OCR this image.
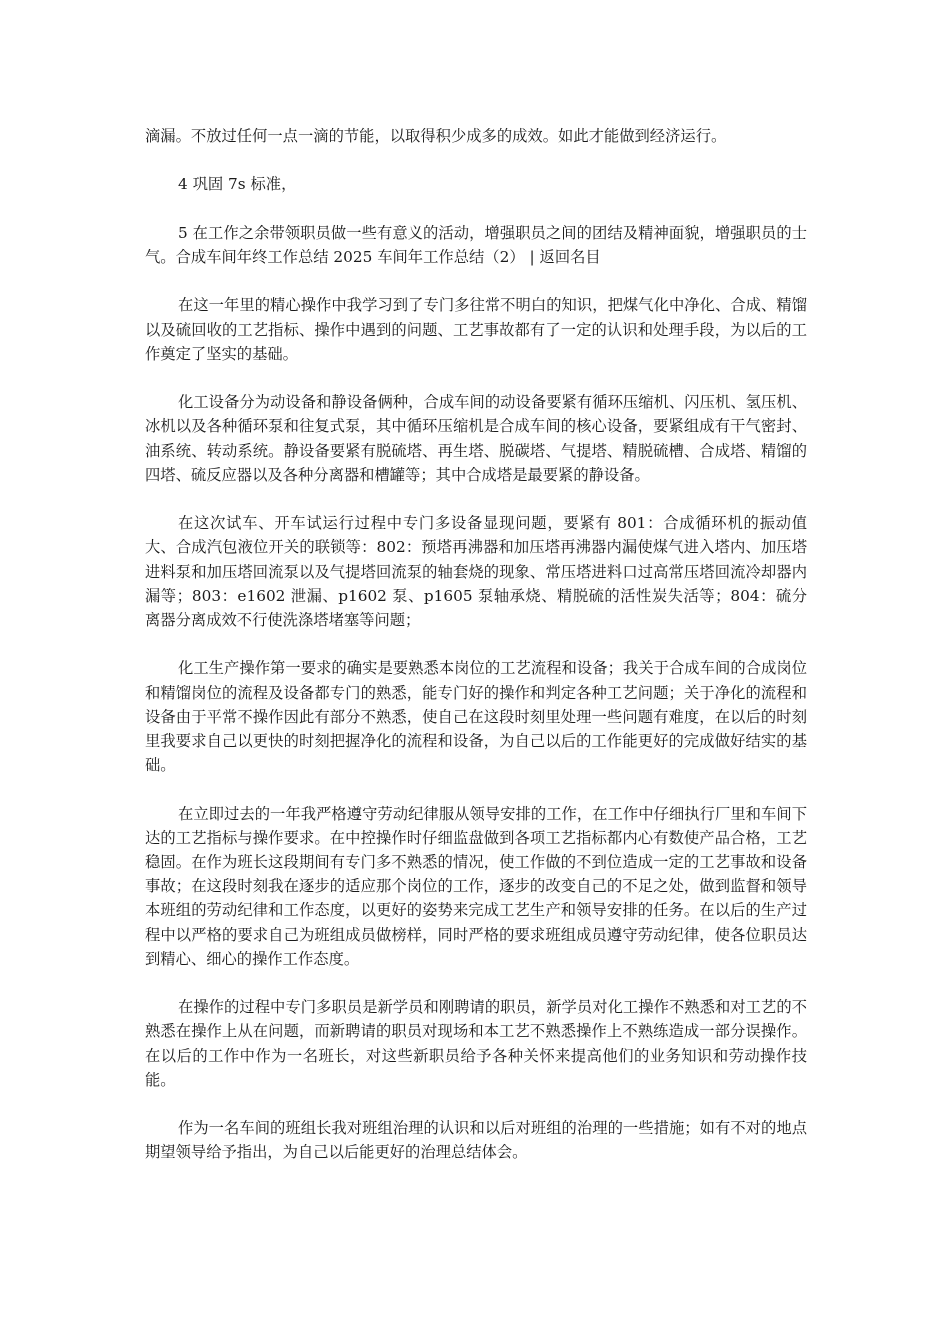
滴漏。不放过任何一点一滴的节能，以取得积少成多的成效。如此才能做到经济运行。

4 巩固 7s 标准，

5 在工作之余带领职员做一些有意义的活动，增强职员之间的团结及精神面貌，增强职员的士气。合成车间年终工作总结 2025 车间年工作总结（2） | 返回名目

在这一年里的精心操作中我学习到了专门多往常不明白的知识，把煤气化中净化、合成、精馏以及硫回收的工艺指标、操作中遇到的问题、工艺事故都有了一定的认识和处理手段，为以后的工作奠定了坚实的基础。

化工设备分为动设备和静设备俩种，合成车间的动设备要紧有循环压缩机、闪压机、氢压机、冰机以及各种循环泵和往复式泵，其中循环压缩机是合成车间的核心设备，要紧组成有干气密封、油系统、转动系统。静设备要紧有脱硫塔、再生塔、脱碳塔、气提塔、精脱硫槽、合成塔、精馏的四塔、硫反应器以及各种分离器和槽罐等；其中合成塔是最要紧的静设备。

在这次试车、开车试运行过程中专门多设备显现问题，要紧有 801：合成循环机的振动值大、合成汽包液位开关的联锁等：802：预塔再沸器和加压塔再沸器内漏使煤气进入塔内、加压塔进料泵和加压塔回流泵以及气提塔回流泵的轴套烧的现象、常压塔进料口过高常压塔回流冷却器内漏等；803：e1602 泄漏、p1602 泵、p1605 泵轴承烧、精脱硫的活性炭失活等；804：硫分离器分离成效不行使洗涤塔堵塞等问题；

化工生产操作第一要求的确实是要熟悉本岗位的工艺流程和设备；我关于合成车间的合成岗位和精馏岗位的流程及设备都专门的熟悉，能专门好的操作和判定各种工艺问题；关于净化的流程和设备由于平常不操作因此有部分不熟悉，使自己在这段时刻里处理一些问题有难度，在以后的时刻里我要求自己以更快的时刻把握净化的流程和设备，为自己以后的工作能更好的完成做好结实的基础。

在立即过去的一年我严格遵守劳动纪律服从领导安排的工作，在工作中仔细执行厂里和车间下达的工艺指标与操作要求。在中控操作时仔细监盘做到各项工艺指标都内心有数使产品合格，工艺稳固。在作为班长这段期间有专门多不熟悉的情况，使工作做的不到位造成一定的工艺事故和设备事故；在这段时刻我在逐步的适应那个岗位的工作，逐步的改变自己的不足之处，做到监督和领导本班组的劳动纪律和工作态度，以更好的姿势来完成工艺生产和领导安排的任务。在以后的生产过程中以严格的要求自己为班组成员做榜样，同时严格的要求班组成员遵守劳动纪律，使各位职员达到精心、细心的操作工作态度。

在操作的过程中专门多职员是新学员和刚聘请的职员，新学员对化工操作不熟悉和对工艺的不熟悉在操作上从在问题，而新聘请的职员对现场和本工艺不熟悉操作上不熟练造成一部分误操作。在以后的工作中作为一名班长，对这些新职员给予各种关怀来提高他们的业务知识和劳动操作技能。

作为一名车间的班组长我对班组治理的认识和以后对班组的治理的一些措施；如有不对的地点期望领导给予指出，为自己以后能更好的治理总结体会。
